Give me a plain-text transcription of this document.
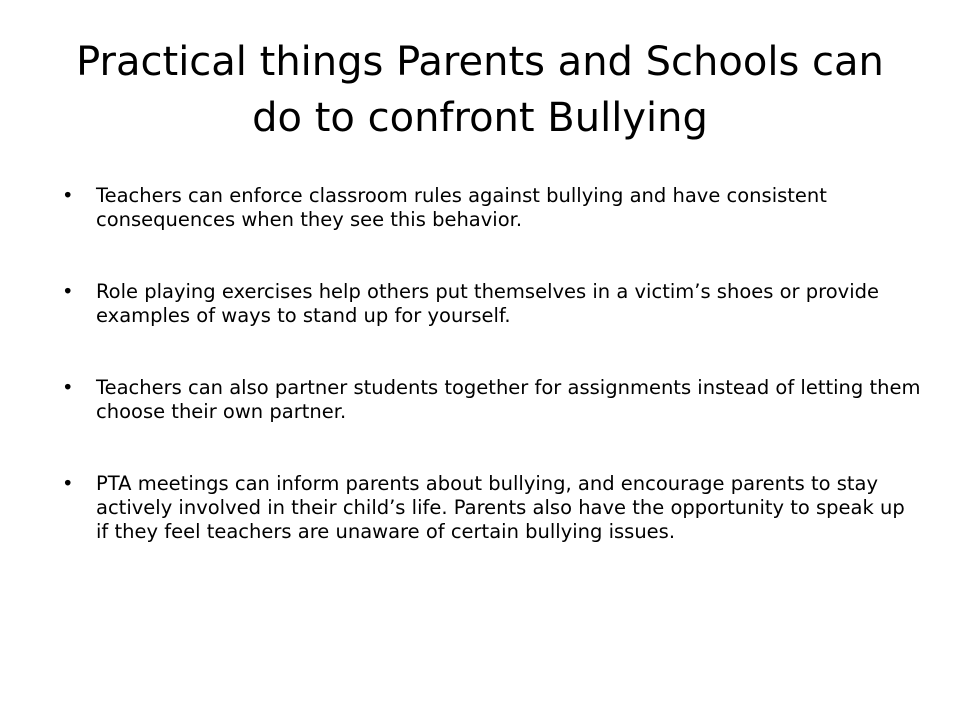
Practical things Parents and Schools can do to confront Bullying
•	Teachers can enforce classroom rules against bullying and have consistent consequences when they see this behavior.
•	Role playing exercises help others put themselves in a victim’s shoes or provide examples of ways to stand up for yourself.
•	Teachers can also partner students together for assignments instead of letting them choose their own partner.
•	PTA meetings can inform parents about bullying, and encourage parents to stay actively involved in their child’s life. Parents also have the opportunity to speak up if they feel teachers are unaware of certain bullying issues.
